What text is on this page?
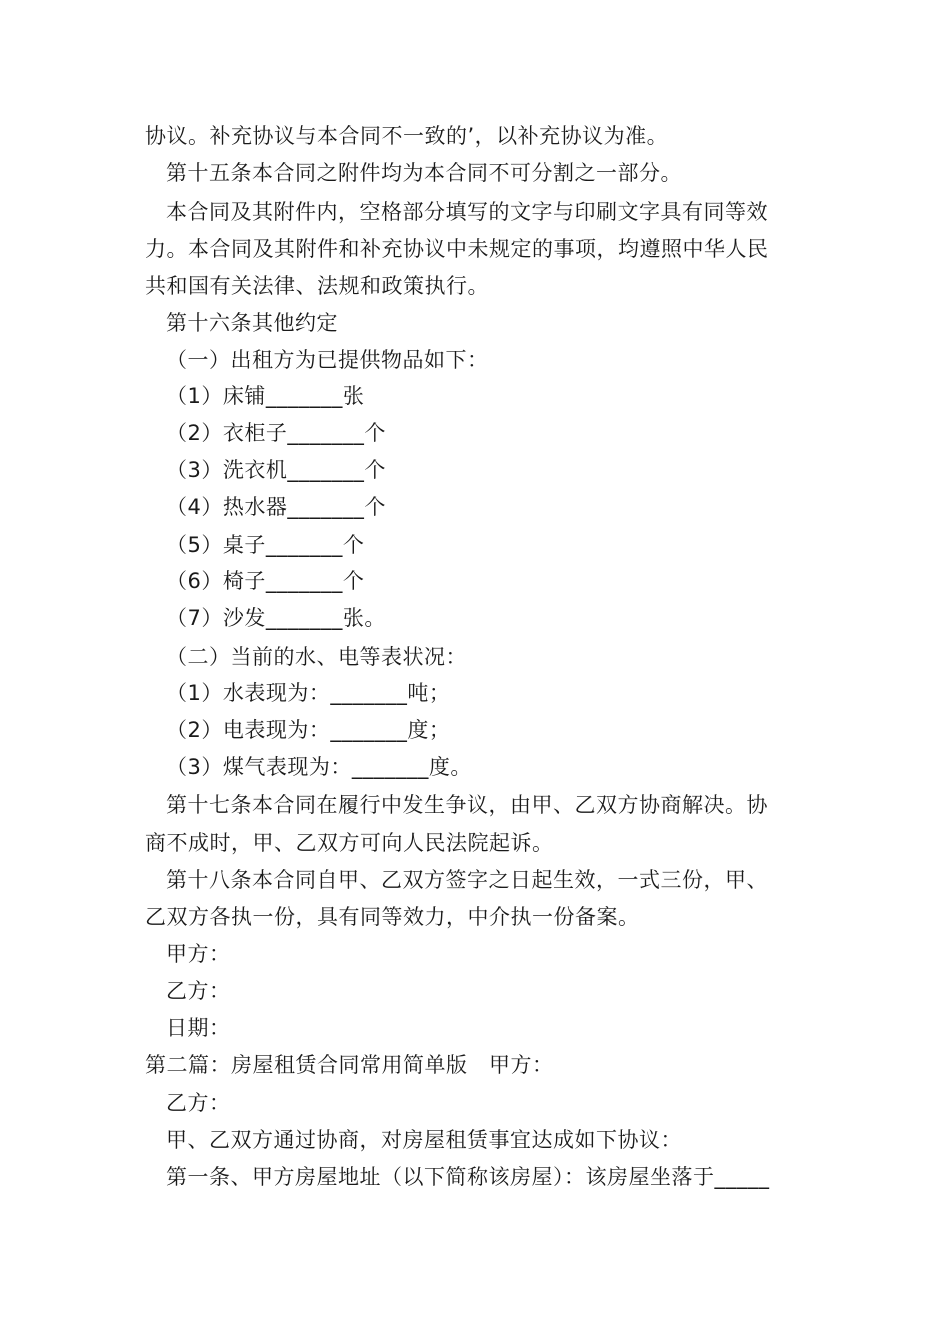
协议。补充协议与本合同不一致的’，以补充协议为准。
第十五条本合同之附件均为本合同不可分割之一部分。
本合同及其附件内，空格部分填写的文字与印刷文字具有同等效
力。本合同及其附件和补充协议中未规定的事项，均遵照中华人民
共和国有关法律、法规和政策执行。
第十六条其他约定
（一）出租方为已提供物品如下：
（1）床铺_______张
（2）衣柜子_______个
（3）洗衣机_______个
（4）热水器_______个
（5）桌子_______个
（6）椅子_______个
（7）沙发_______张。
（二）当前的水、电等表状况：
（1）水表现为：_______吨；
（2）电表现为：_______度；
（3）煤气表现为：_______度。
第十七条本合同在履行中发生争议，由甲、乙双方协商解决。协
商不成时，甲、乙双方可向人民法院起诉。
第十八条本合同自甲、乙双方签字之日起生效，一式三份，甲、
乙双方各执一份，具有同等效力，中介执一份备案。
甲方：
乙方：
日期：
第二篇：房屋租赁合同常用简单版　甲方：
乙方：
甲、乙双方通过协商，对房屋租赁事宜达成如下协议：
第一条、甲方房屋地址（以下简称该房屋）：该房屋坐落于_____
